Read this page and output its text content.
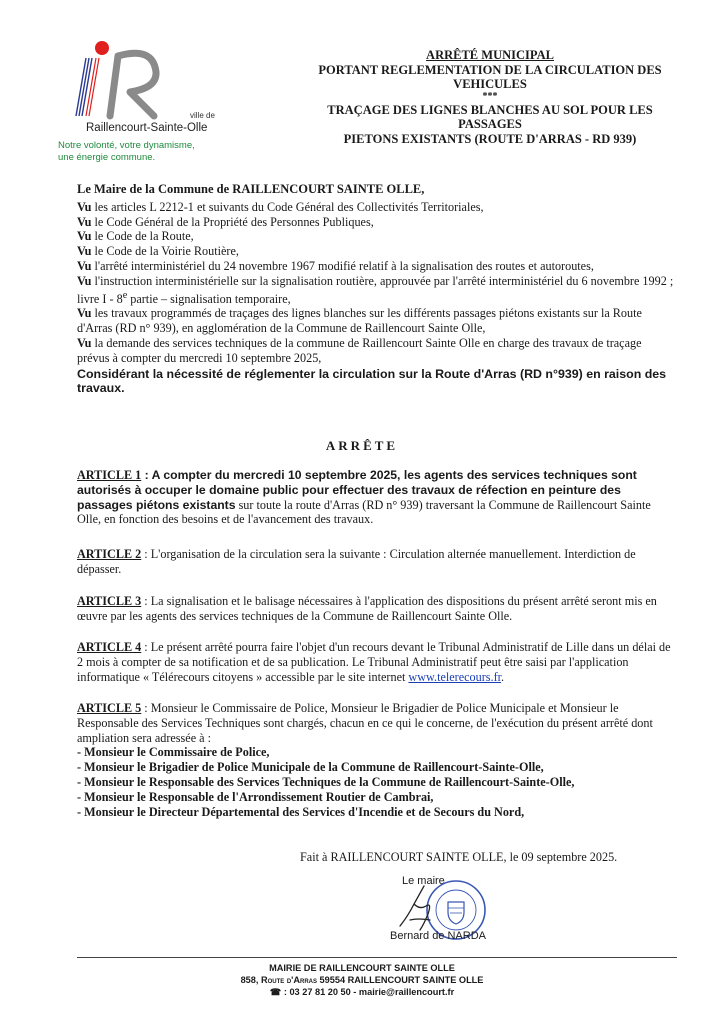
ville de
Raillencourt-Sainte-Olle
Notre volonté, votre dynamisme,
une énergie commune.
ARRÊTÉ MUNICIPAL
PORTANT REGLEMENTATION DE LA CIRCULATION DES
VEHICULES
***
TRAÇAGE DES LIGNES BLANCHES AU SOL POUR LES PASSAGES
PIETONS EXISTANTS (ROUTE D'ARRAS - RD 939)

Le Maire de la Commune de RAILLENCOURT SAINTE OLLE,

Vu les articles L 2212-1 et suivants du Code Général des Collectivités Territoriales,

Vu le Code Général de la Propriété des Personnes Publiques,

Vu le Code de la Route,

Vu le Code de la Voirie Routière,

Vu l'arrêté interministériel du 24 novembre 1967 modifié relatif à la signalisation des routes et autoroutes,

Vu l'instruction interministérielle sur la signalisation routière, approuvée par l'arrêté interministériel du 6 novembre 1992 ; livre I - 8e partie – signalisation temporaire,

Vu les travaux programmés de traçages des lignes blanches sur les différents passages piétons existants sur la Route d'Arras (RD n° 939), en agglomération de la Commune de Raillencourt Sainte Olle,

Vu la demande des services techniques de la commune de Raillencourt Sainte Olle en charge des travaux de traçage prévus à compter du mercredi 10 septembre 2025,

Considérant la nécessité de réglementer la circulation sur la Route d'Arras (RD n°939) en raison des travaux.

ARRÊTE
ARTICLE 1 : A compter du mercredi 10 septembre 2025, les agents des services techniques sont autorisés à occuper le domaine public pour effectuer des travaux de réfection en peinture des passages piétons existants sur toute la route d'Arras (RD n° 939) traversant la Commune de Raillencourt Sainte Olle, en fonction des besoins et de l'avancement des travaux.
ARTICLE 2 : L'organisation de la circulation sera la suivante : Circulation alternée manuellement. Interdiction de dépasser.
ARTICLE 3 : La signalisation et le balisage nécessaires à l'application des dispositions du présent arrêté seront mis en œuvre par les agents des services techniques de la Commune de Raillencourt Sainte Olle.
ARTICLE 4 : Le présent arrêté pourra faire l'objet d'un recours devant le Tribunal Administratif de Lille dans un délai de 2 mois à compter de sa notification et de sa publication. Le Tribunal Administratif peut être saisi par l'application informatique « Télérecours citoyens » accessible par le site internet www.telerecours.fr.
ARTICLE 5 : Monsieur le Commissaire de Police, Monsieur le Brigadier de Police Municipale et Monsieur le Responsable des Services Techniques sont chargés, chacun en ce qui le concerne, de l'exécution du présent arrêté dont ampliation sera adressée à :
- Monsieur le Commissaire de Police,
- Monsieur le Brigadier de Police Municipale de la Commune de Raillencourt-Sainte-Olle,
- Monsieur le Responsable des Services Techniques de la Commune de Raillencourt-Sainte-Olle,
- Monsieur le Responsable de l'Arrondissement Routier de Cambrai,
- Monsieur le Directeur Départemental des Services d'Incendie et de Secours du Nord,
Fait à RAILLENCOURT SAINTE OLLE, le 09 septembre 2025.
Le maire
Bernard de NARDA
MAIRIE DE RAILLENCOURT SAINTE OLLE
858, Route d'Arras 59554 RAILLENCOURT SAINTE OLLE
☎ : 03 27 81 20 50 - mairie@raillencourt.fr
